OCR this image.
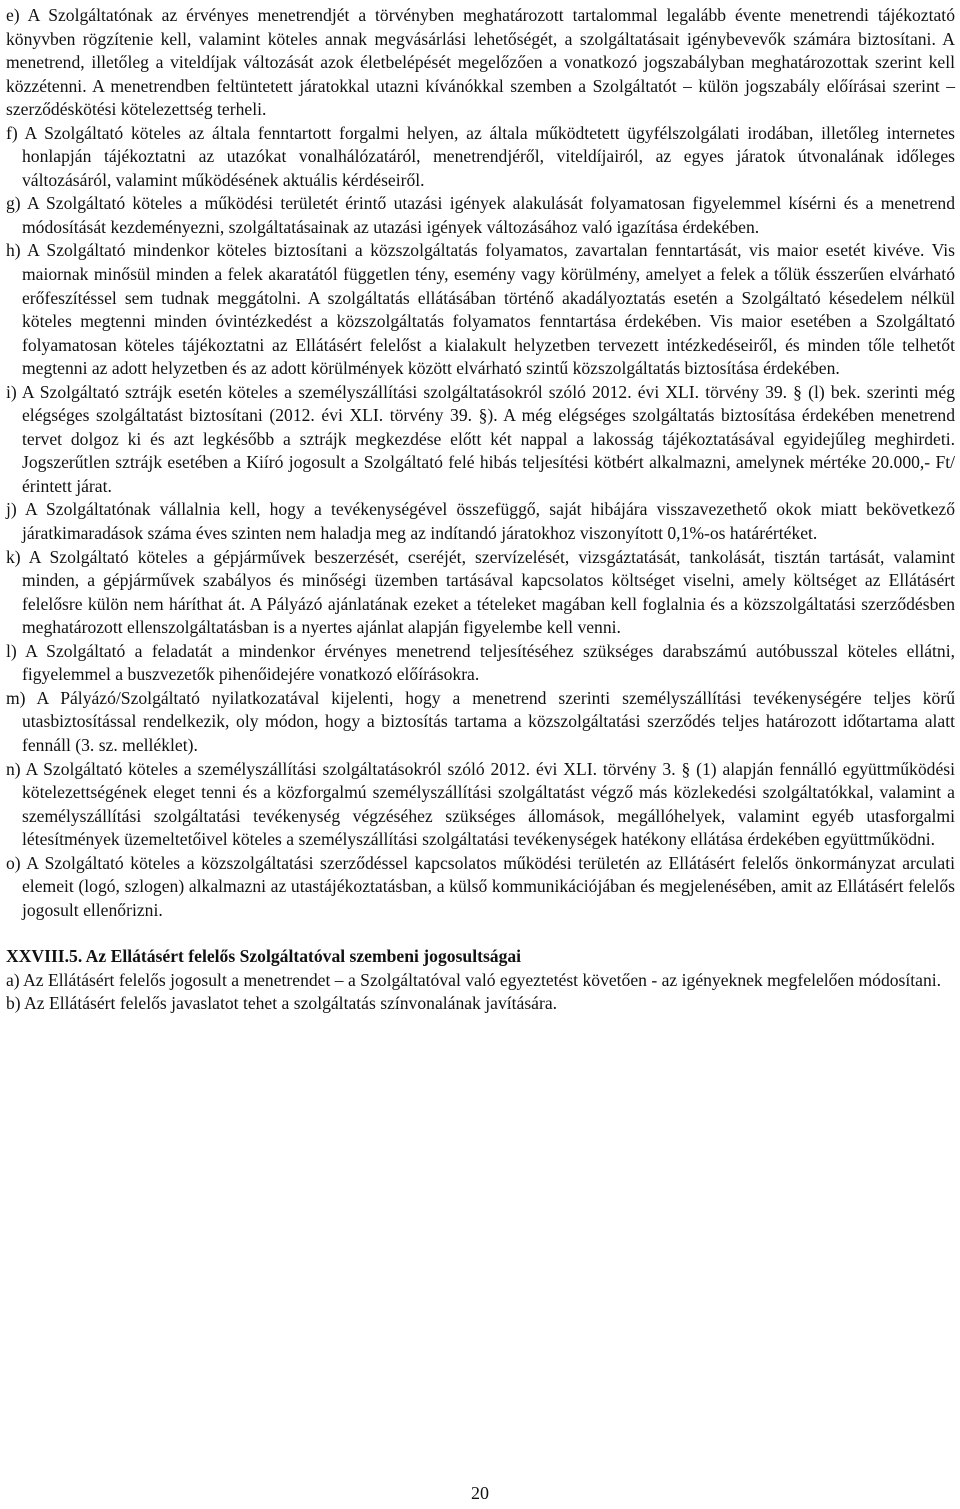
e) A Szolgáltatónak az érvényes menetrendjét a törvényben meghatározott tartalommal legalább évente menetrendi tájékoztató könyvben rögzítenie kell, valamint köteles annak megvásárlási lehetőségét, a szolgáltatásait igénybevevők számára biztosítani. A menetrend, illetőleg a viteldíjak változását azok életbelépését megelőzően a vonatkozó jogszabályban meghatározottak szerint kell közzétenni. A menetrendben feltüntetett járatokkal utazni kívánókkal szemben a Szolgáltatót – külön jogszabály előírásai szerint – szerződéskötési kötelezettség terheli.

f) A Szolgáltató köteles az általa fenntartott forgalmi helyen, az általa működtetett ügyfélszolgálati irodában, illetőleg internetes honlapján tájékoztatni az utazókat vonalhálózatáról, menetrendjéről, viteldíjairól, az egyes járatok útvonalának időleges változásáról, valamint működésének aktuális kérdéseiről.

g) A Szolgáltató köteles a működési területét érintő utazási igények alakulását folyamatosan figyelemmel kísérni és a menetrend módosítását kezdeményezni, szolgáltatásainak az utazási igények változásához való igazítása érdekében.

h) A Szolgáltató mindenkor köteles biztosítani a közszolgáltatás folyamatos, zavartalan fenntartását, vis maior esetét kivéve. Vis maiornak minősül minden a felek akaratától független tény, esemény vagy körülmény, amelyet a felek a tőlük ésszerűen elvárható erőfeszítéssel sem tudnak meggátolni. A szolgáltatás ellátásában történő akadályoztatás esetén a Szolgáltató késedelem nélkül köteles megtenni minden óvintézkedést a közszolgáltatás folyamatos fenntartása érdekében. Vis maior esetében a Szolgáltató folyamatosan köteles tájékoztatni az Ellátásért felelőst a kialakult helyzetben tervezett intézkedéseiről, és minden tőle telhetőt megtenni az adott helyzetben és az adott körülmények között elvárható szintű közszolgáltatás biztosítása érdekében.

i) A Szolgáltató sztrájk esetén köteles a személyszállítási szolgáltatásokról szóló 2012. évi XLI. törvény 39. § (l) bek. szerinti még elégséges szolgáltatást biztosítani (2012. évi XLI. törvény 39. §). A még elégséges szolgáltatás biztosítása érdekében menetrend tervet dolgoz ki és azt legkésőbb a sztrájk megkezdése előtt két nappal a lakosság tájékoztatásával egyidejűleg meghirdeti. Jogszerűtlen sztrájk esetében a Kiíró jogosult a Szolgáltató felé hibás teljesítési kötbért alkalmazni, amelynek mértéke 20.000,- Ft/érintett járat.

j) A Szolgáltatónak vállalnia kell, hogy a tevékenységével összefüggő, saját hibájára visszavezethető okok miatt bekövetkező járatkimaradások száma éves szinten nem haladja meg az indítandó járatokhoz viszonyított 0,1%-os határértéket.

k) A Szolgáltató köteles a gépjárművek beszerzését, cseréjét, szervízelését, vizsgáztatását, tankolását, tisztán tartását, valamint minden, a gépjárművek szabályos és minőségi üzemben tartásával kapcsolatos költséget viselni, amely költséget az Ellátásért felelősre külön nem háríthat át. A Pályázó ajánlatának ezeket a tételeket magában kell foglalnia és a közszolgáltatási szerződésben meghatározott ellenszolgáltatásban is a nyertes ajánlat alapján figyelembe kell venni.

l) A Szolgáltató a feladatát a mindenkor érvényes menetrend teljesítéséhez szükséges darabszámú autóbusszal köteles ellátni, figyelemmel a buszvezetők pihenőidejére vonatkozó előírásokra.

m) A Pályázó/Szolgáltató nyilatkozatával kijelenti, hogy a menetrend szerinti személyszállítási tevékenységére teljes körű utasbiztosítással rendelkezik, oly módon, hogy a biztosítás tartama a közszolgáltatási szerződés teljes határozott időtartama alatt fennáll (3. sz. melléklet).

n) A Szolgáltató köteles a személyszállítási szolgáltatásokról szóló 2012. évi XLI. törvény 3. § (1) alapján fennálló együttműködési kötelezettségének eleget tenni és a közforgalmú személyszállítási szolgáltatást végző más közlekedési szolgáltatókkal, valamint a személyszállítási szolgáltatási tevékenység végzéséhez szükséges állomások, megállóhelyek, valamint egyéb utasforgalmi létesítmények üzemeltetőivel köteles a személyszállítási szolgáltatási tevékenységek hatékony ellátása érdekében együttműködni.

o) A Szolgáltató köteles a közszolgáltatási szerződéssel kapcsolatos működési területén az Ellátásért felelős önkormányzat arculati elemeit (logó, szlogen) alkalmazni az utastájékoztatásban, a külső kommunikációjában és megjelenésében, amit az Ellátásért felelős jogosult ellenőrizni.

XXVIII.5. Az Ellátásért felelős Szolgáltatóval szembeni jogosultságai

a) Az Ellátásért felelős jogosult a menetrendet – a Szolgáltatóval való egyeztetést követően - az igényeknek megfelelően módosítani.

b) Az Ellátásért felelős javaslatot tehet a szolgáltatás színvonalának javítására.

20
